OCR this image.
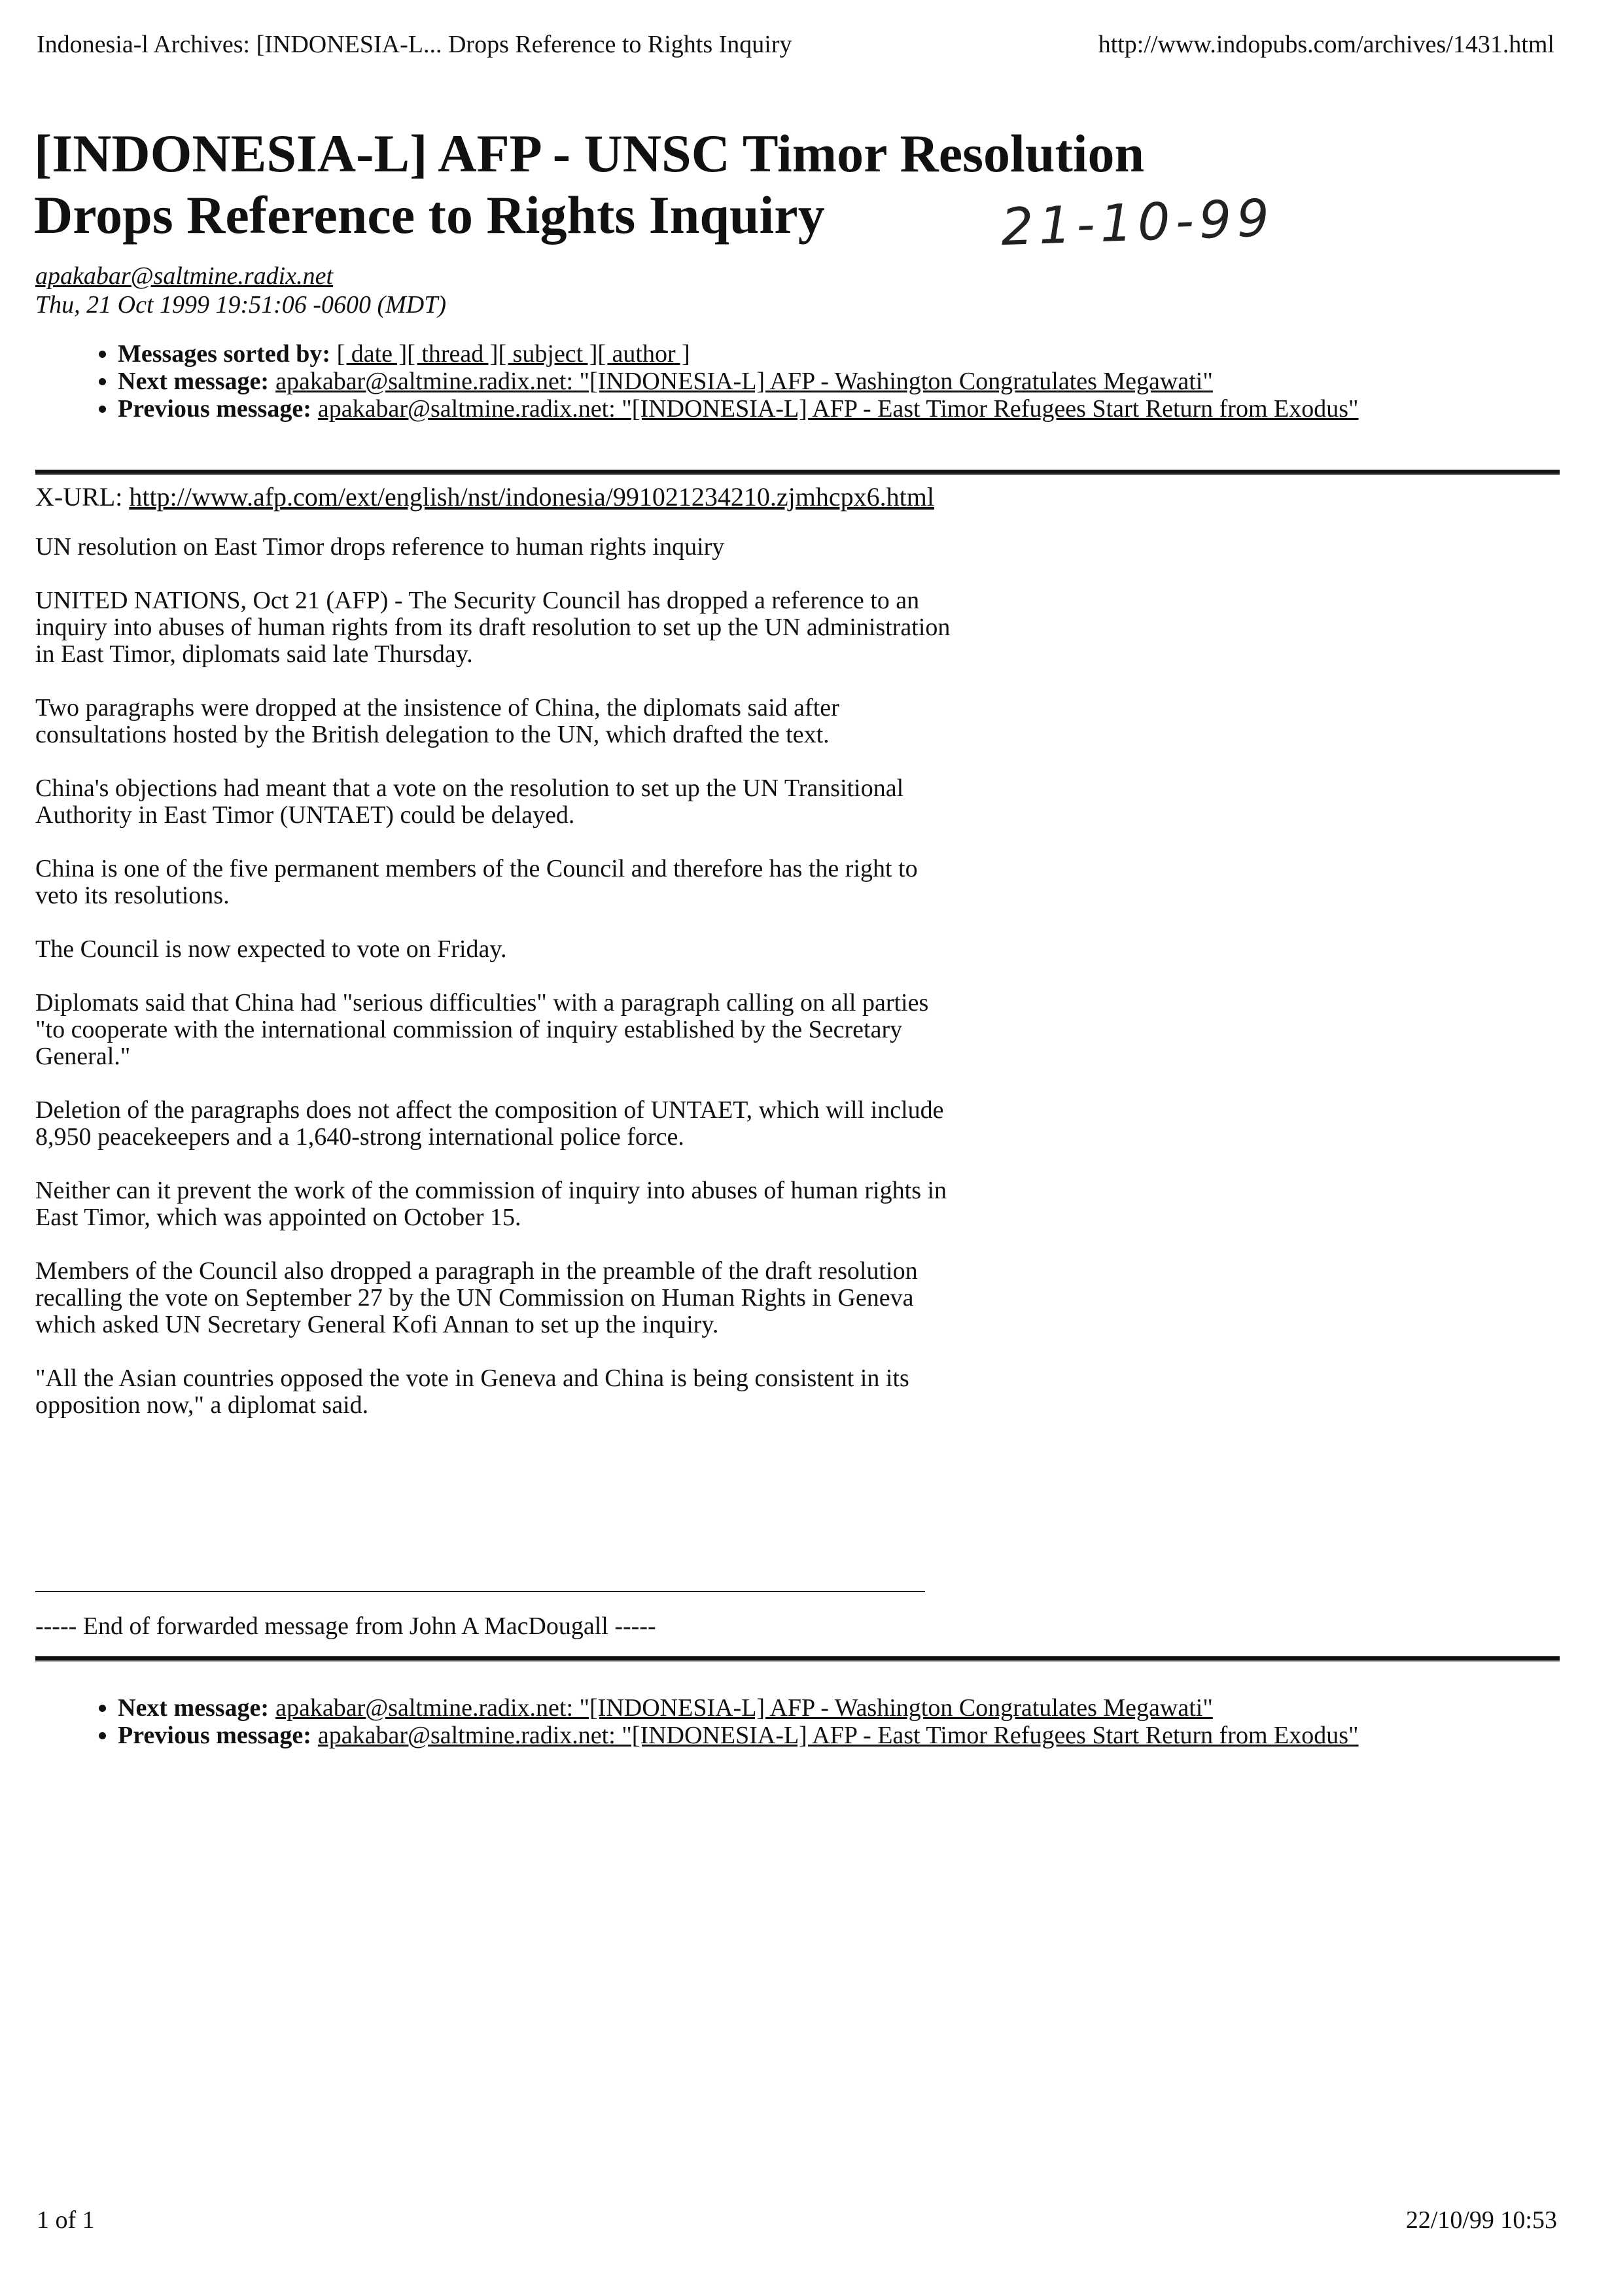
Indonesia-l Archives: [INDONESIA-L... Drops Reference to Rights Inquiry	http://www.indopubs.com/archives/1431.html
[INDONESIA-L] AFP - UNSC Timor Resolution Drops Reference to Rights Inquiry	21-10-99
apakabar@saltmine.radix.net
Thu, 21 Oct 1999 19:51:06 -0600 (MDT)
• Messages sorted by: [ date ][ thread ][ subject ][ author ]
• Next message: apakabar@saltmine.radix.net: "[INDONESIA-L] AFP - Washington Congratulates Megawati"
• Previous message: apakabar@saltmine.radix.net: "[INDONESIA-L] AFP - East Timor Refugees Start Return from Exodus"
X-URL: http://www.afp.com/ext/english/nst/indonesia/991021234210.zjmhcpx6.html

UN resolution on East Timor drops reference to human rights inquiry

UNITED NATIONS, Oct 21 (AFP) - The Security Council has dropped a reference to an inquiry into abuses of human rights from its draft resolution to set up the UN administration in East Timor, diplomats said late Thursday.

Two paragraphs were dropped at the insistence of China, the diplomats said after consultations hosted by the British delegation to the UN, which drafted the text.

China's objections had meant that a vote on the resolution to set up the UN Transitional Authority in East Timor (UNTAET) could be delayed.

China is one of the five permanent members of the Council and therefore has the right to veto its resolutions.

The Council is now expected to vote on Friday.

Diplomats said that China had "serious difficulties" with a paragraph calling on all parties "to cooperate with the international commission of inquiry established by the Secretary General."

Deletion of the paragraphs does not affect the composition of UNTAET, which will include 8,950 peacekeepers and a 1,640-strong international police force.

Neither can it prevent the work of the commission of inquiry into abuses of human rights in East Timor, which was appointed on October 15.

Members of the Council also dropped a paragraph in the preamble of the draft resolution recalling the vote on September 27 by the UN Commission on Human Rights in Geneva which asked UN Secretary General Kofi Annan to set up the inquiry.

"All the Asian countries opposed the vote in Geneva and China is being consistent in its opposition now," a diplomat said.

----- End of forwarded message from John A MacDougall -----
• Next message: apakabar@saltmine.radix.net: "[INDONESIA-L] AFP - Washington Congratulates Megawati"
• Previous message: apakabar@saltmine.radix.net: "[INDONESIA-L] AFP - East Timor Refugees Start Return from Exodus"
1 of 1	22/10/99 10:53
